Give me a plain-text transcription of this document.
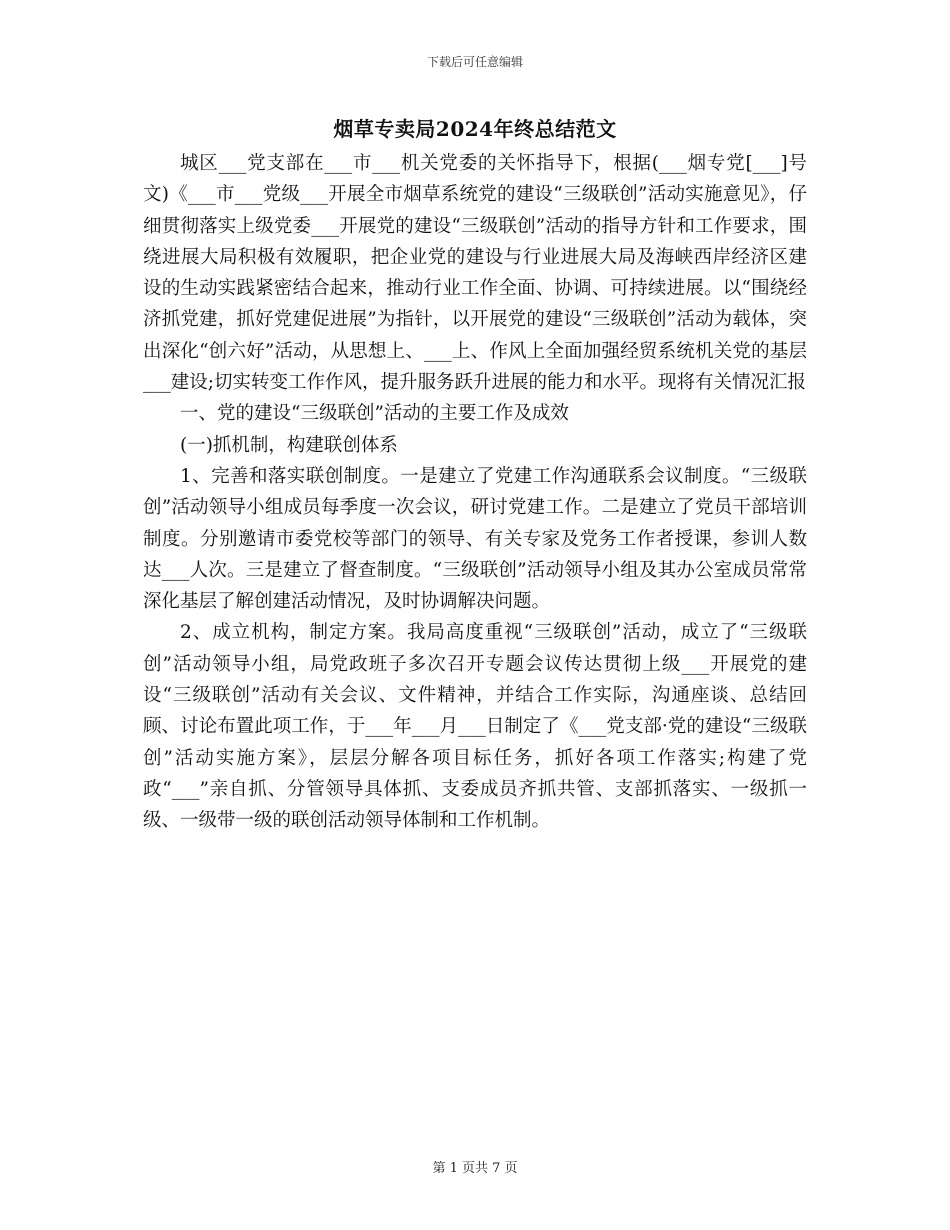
下载后可任意编辑
烟草专卖局2024年终总结范文

城区___党支部在___市___机关党委的关怀指导下，根据(___烟专党[___]号文)《___市___党级___开展全市烟草系统党的建设“三级联创”活动实施意见》，仔细贯彻落实上级党委___开展党的建设“三级联创”活动的指导方针和工作要求，围绕进展大局积极有效履职，把企业党的建设与行业进展大局及海峡西岸经济区建设的生动实践紧密结合起来，推动行业工作全面、协调、可持续进展。以“围绕经济抓党建，抓好党建促进展”为指针，以开展党的建设“三级联创”活动为载体，突出深化“创六好”活动，从思想上、___上、作风上全面加强经贸系统机关党的基层___建设;切实转变工作作风，提升服务跃升进展的能力和水平。现将有关情况汇报

一、党的建设“三级联创”活动的主要工作及成效

(一)抓机制，构建联创体系

1、完善和落实联创制度。一是建立了党建工作沟通联系会议制度。“三级联创”活动领导小组成员每季度一次会议，研讨党建工作。二是建立了党员干部培训制度。分别邀请市委党校等部门的领导、有关专家及党务工作者授课，参训人数达___人次。三是建立了督查制度。“三级联创”活动领导小组及其办公室成员常常深化基层了解创建活动情况，及时协调解决问题。

2、成立机构，制定方案。我局高度重视“三级联创”活动，成立了“三级联创”活动领导小组，局党政班子多次召开专题会议传达贯彻上级___开展党的建设“三级联创”活动有关会议、文件精神，并结合工作实际，沟通座谈、总结回顾、讨论布置此项工作，于___年___月___日制定了《___党支部·党的建设“三级联创”活动实施方案》，层层分解各项目标任务，抓好各项工作落实;构建了党政“___”亲自抓、分管领导具体抓、支委成员齐抓共管、支部抓落实、一级抓一级、一级带一级的联创活动领导体制和工作机制。

第 1 页共 7 页
